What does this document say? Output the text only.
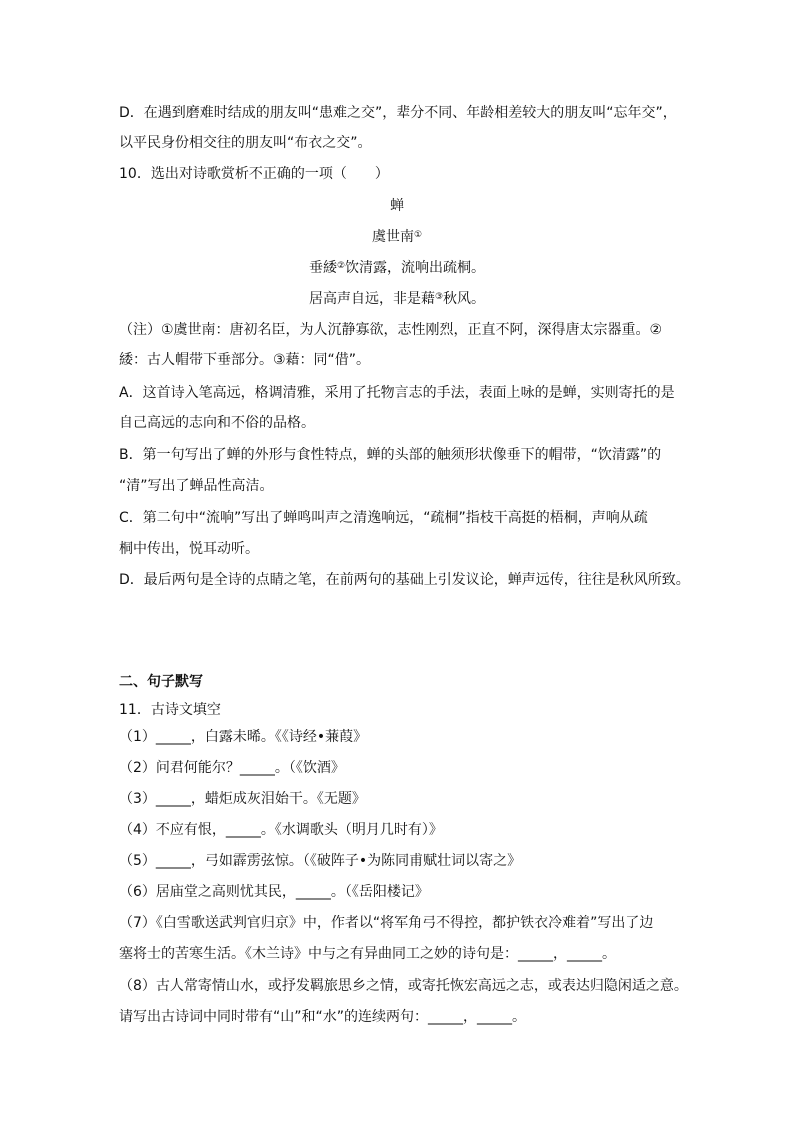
D．在遇到磨难时结成的朋友叫“患难之交”，辈分不同、年龄相差较大的朋友叫“忘年交”，
以平民身份相交往的朋友叫“布衣之交”。
10．选出对诗歌赏析不正确的一项（　　）
蝉
虞世南①
垂緌②饮清露，流响出疏桐。
居高声自远，非是藉③秋风。
（注）①虞世南：唐初名臣，为人沉静寡欲，志性刚烈，正直不阿，深得唐太宗器重。②
緌：古人帽带下垂部分。③藉：同“借”。
A．这首诗入笔高远，格调清雅，采用了托物言志的手法，表面上咏的是蝉，实则寄托的是
自己高远的志向和不俗的品格。
B．第一句写出了蝉的外形与食性特点，蝉的头部的触须形状像垂下的帽带，“饮清露”的
“清”写出了蝉品性高洁。
C．第二句中“流响”写出了蝉鸣叫声之清逸响远，“疏桐”指枝干高挺的梧桐，声响从疏
桐中传出，悦耳动听。
D．最后两句是全诗的点睛之笔，在前两句的基础上引发议论，蝉声远传，往往是秋风所致。
二、句子默写
11．古诗文填空
（1）_____，白露未晞。《《诗经•蒹葭》
（2）问君何能尔？_____。（《饮酒》
（3）_____，蜡炬成灰泪始干。《无题》
（4）不应有恨，_____。《水调歌头（明月几时有）》
（5）_____，弓如霹雳弦惊。（《破阵子•为陈同甫赋壮词以寄之》
（6）居庙堂之高则忧其民，_____。（《岳阳楼记》
（7）《白雪歌送武判官归京》中，作者以“将军角弓不得控，都护铁衣冷难着”写出了边
塞将士的苦寒生活。《木兰诗》中与之有异曲同工之妙的诗句是：_____，_____。
（8）古人常寄情山水，或抒发羁旅思乡之情，或寄托恢宏高远之志，或表达归隐闲适之意。
请写出古诗词中同时带有“山”和“水”的连续两句：_____，_____。
